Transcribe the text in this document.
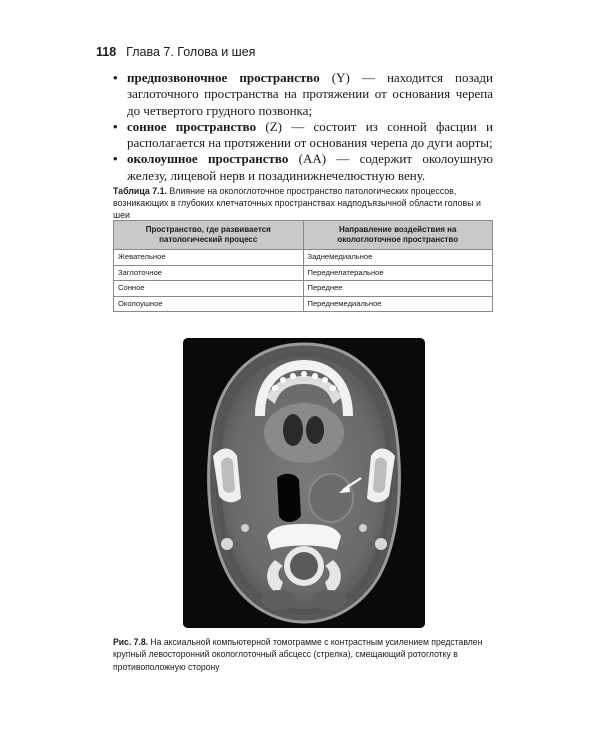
118 Глава 7. Голова и шея
• предпозвоночное пространство (Y) — находится позади заглоточного пространства на протяжении от основания черепа до четвертого грудного позвонка;
• сонное пространство (Z) — состоит из сонной фасции и располагается на протяжении от основания черепа до дуги аорты;
• околоушное пространство (AA) — содержит околоушную железу, лицевой нерв и позадинижнечелюстную вену.
Таблица 7.1. Влияние на окологлоточное пространство патологических процессов, возникающих в глубоких клетчаточных пространствах надподъязычной области головы и шеи
Пространство, где развивается патологический процесс	Направление воздействия на окологлоточное пространство
Жевательное	Заднемедиальное
Заглоточное	Переднелатеральное
Сонное	Переднее
Околоушное	Переднемедиальное
Рис. 7.8. На аксиальной компьютерной томограмме с контрастным усилением представлен крупный левосторонний окологлоточный абсцесс (стрелка), смещающий ротоглотку в противоположную сторону
